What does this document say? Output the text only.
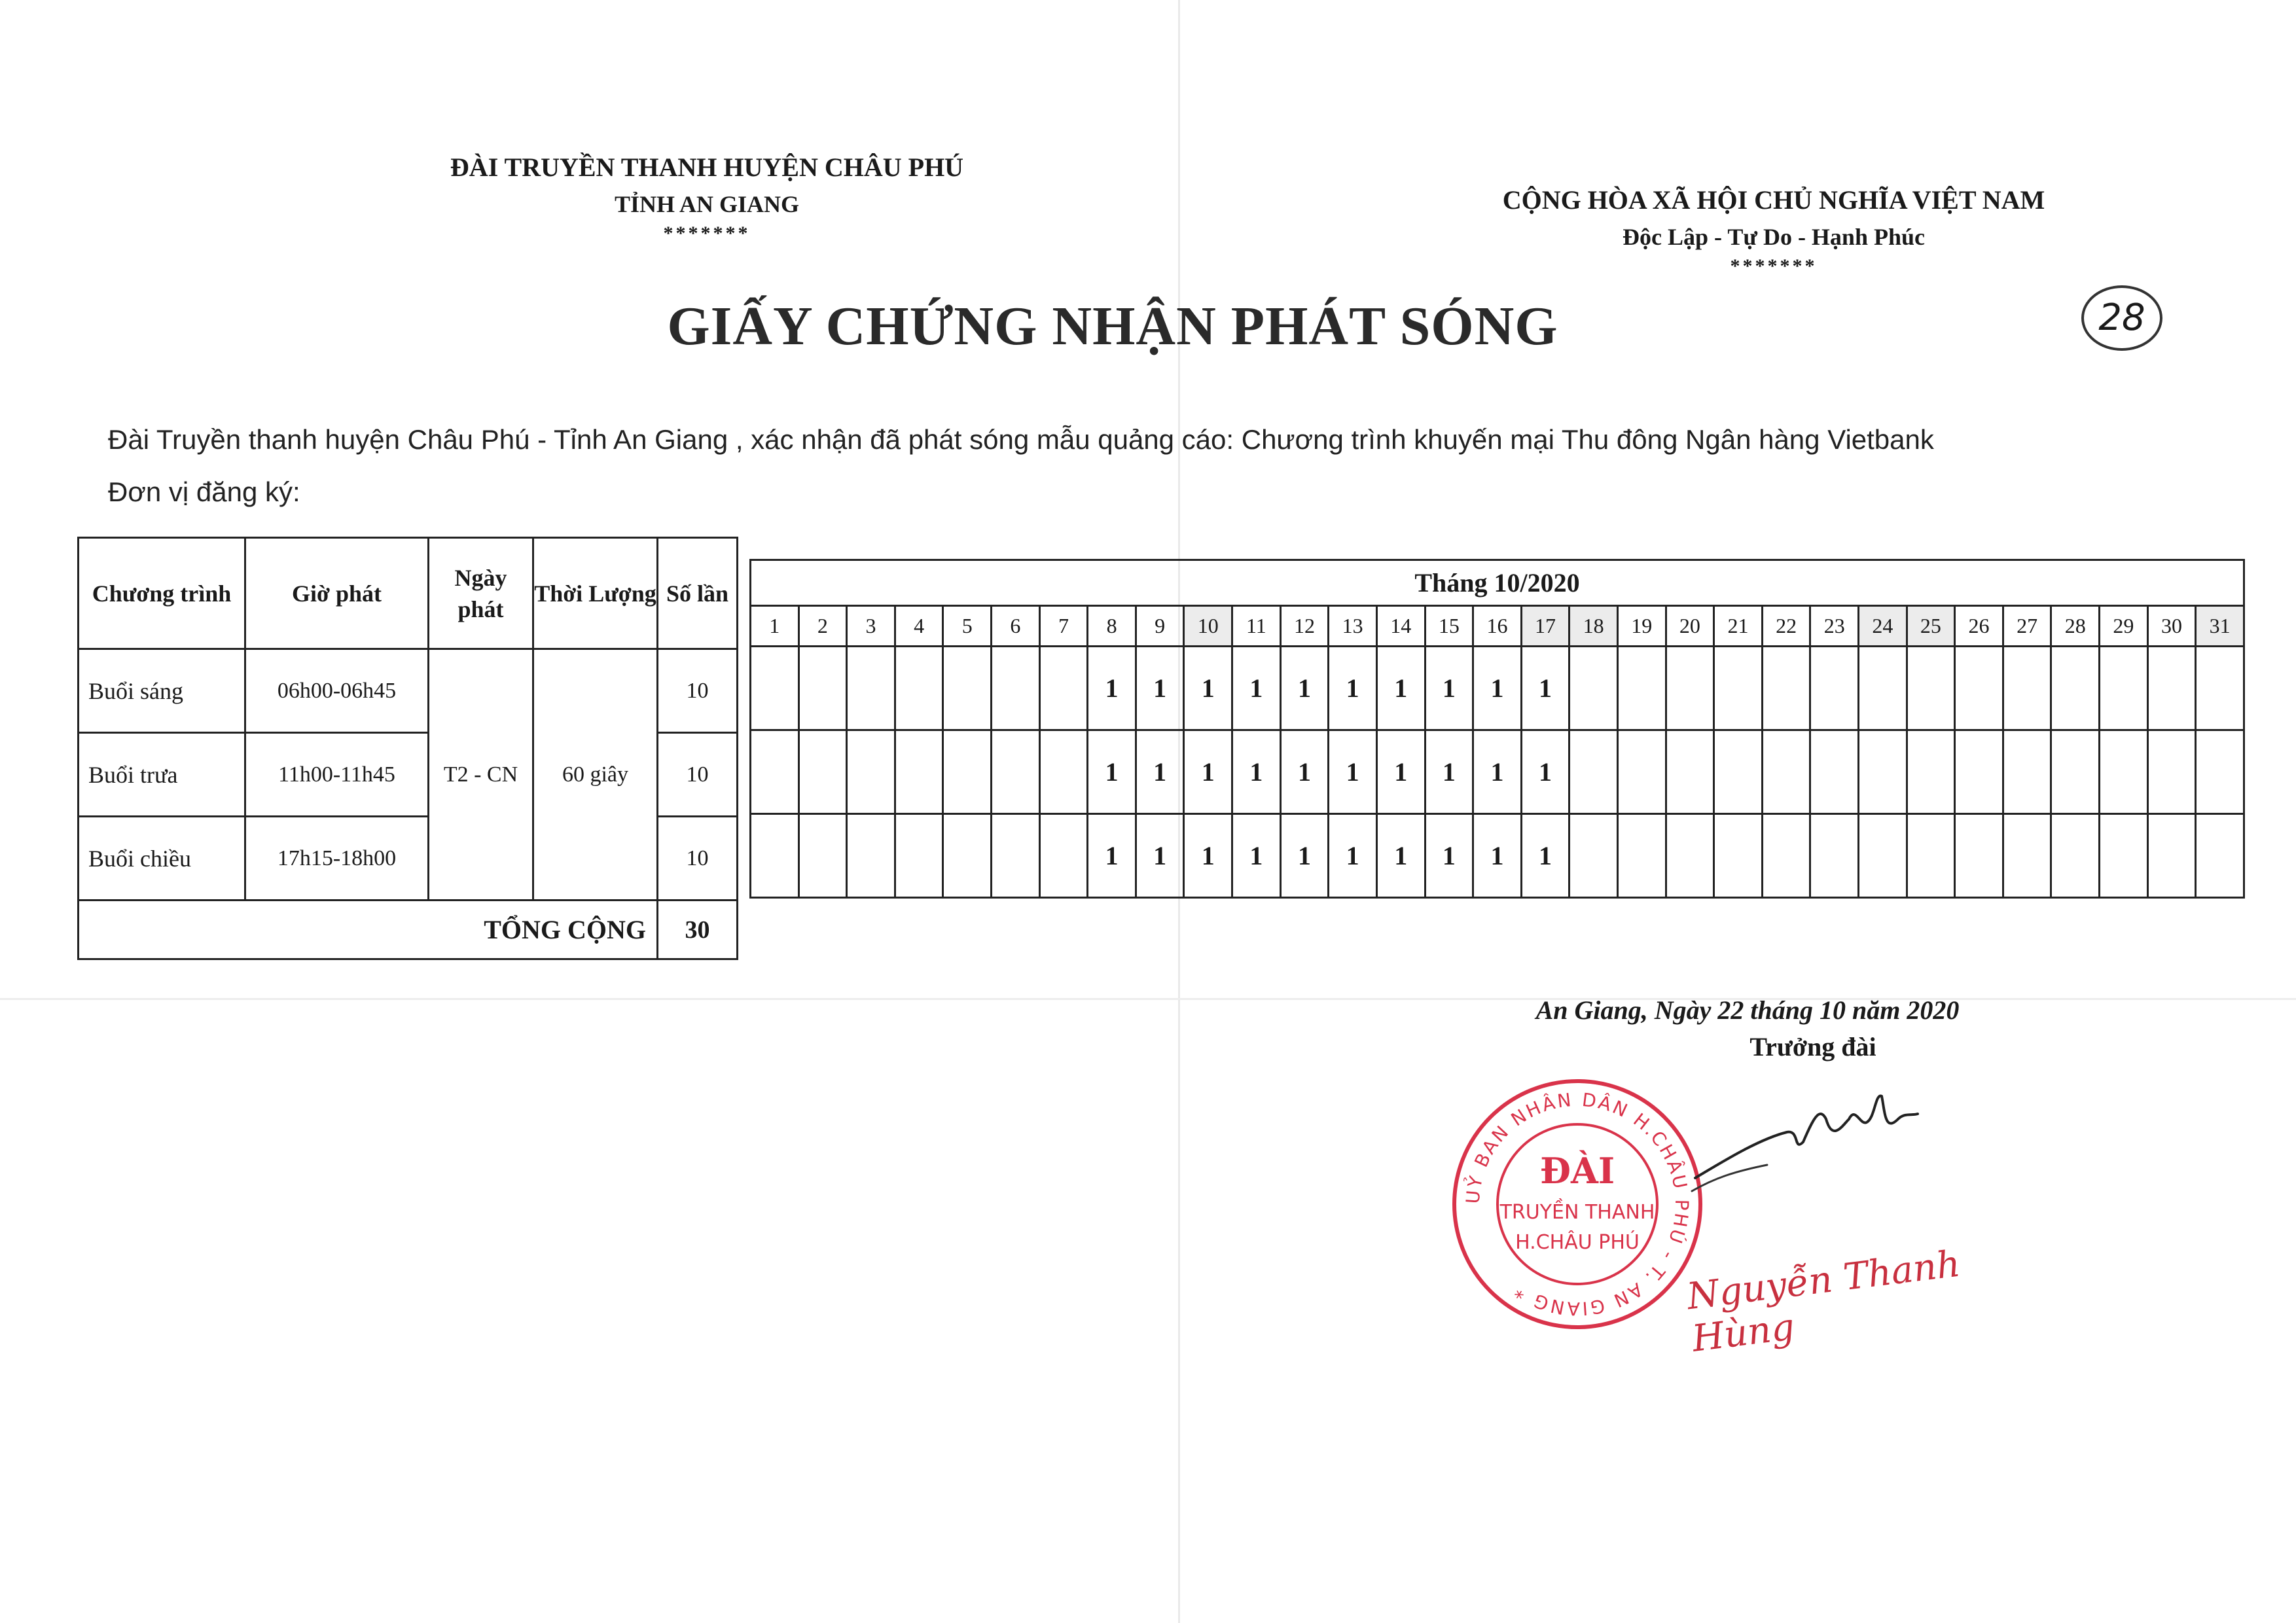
ĐÀI TRUYỀN THANH HUYỆN CHÂU PHÚ
TỈNH AN GIANG
*******
CỘNG HÒA XÃ HỘI CHỦ NGHĨA VIỆT NAM
Độc Lập - Tự Do - Hạnh Phúc
*******
28
GIẤY CHỨNG NHẬN PHÁT SÓNG
Đài Truyền thanh huyện Châu Phú - Tỉnh An Giang , xác nhận đã phát sóng mẫu quảng cáo: Chương trình khuyến mại Thu đông Ngân hàng Vietbank
Đơn vị đăng ký:
Chương trình	Giờ phát	Ngày phát	Thời Lượng	Số lần
Buổi sáng	06h00-06h45	T2 - CN	60 giây	10
Buổi trưa	11h00-11h45			10
Buổi chiều	17h15-18h00			10
TỔNG CỘNG				30
Tháng 10/2020																														
1	2	3	4	5	6	7	8	9	10	11	12	13	14	15	16	17	18	19	20	21	22	23	24	25	26	27	28	29	30	31
							1	1	1	1	1	1	1	1	1	1														
							1	1	1	1	1	1	1	1	1	1														
							1	1	1	1	1	1	1	1	1	1														
An Giang, Ngày 22 tháng 10 năm 2020
Trưởng đài
UỶ BAN NHÂN DÂN H.CHÂU PHÚ - T. AN GIANG *
ĐÀI
TRUYỀN THANH
H.CHÂU PHÚ
Nguyễn Thanh Hùng
